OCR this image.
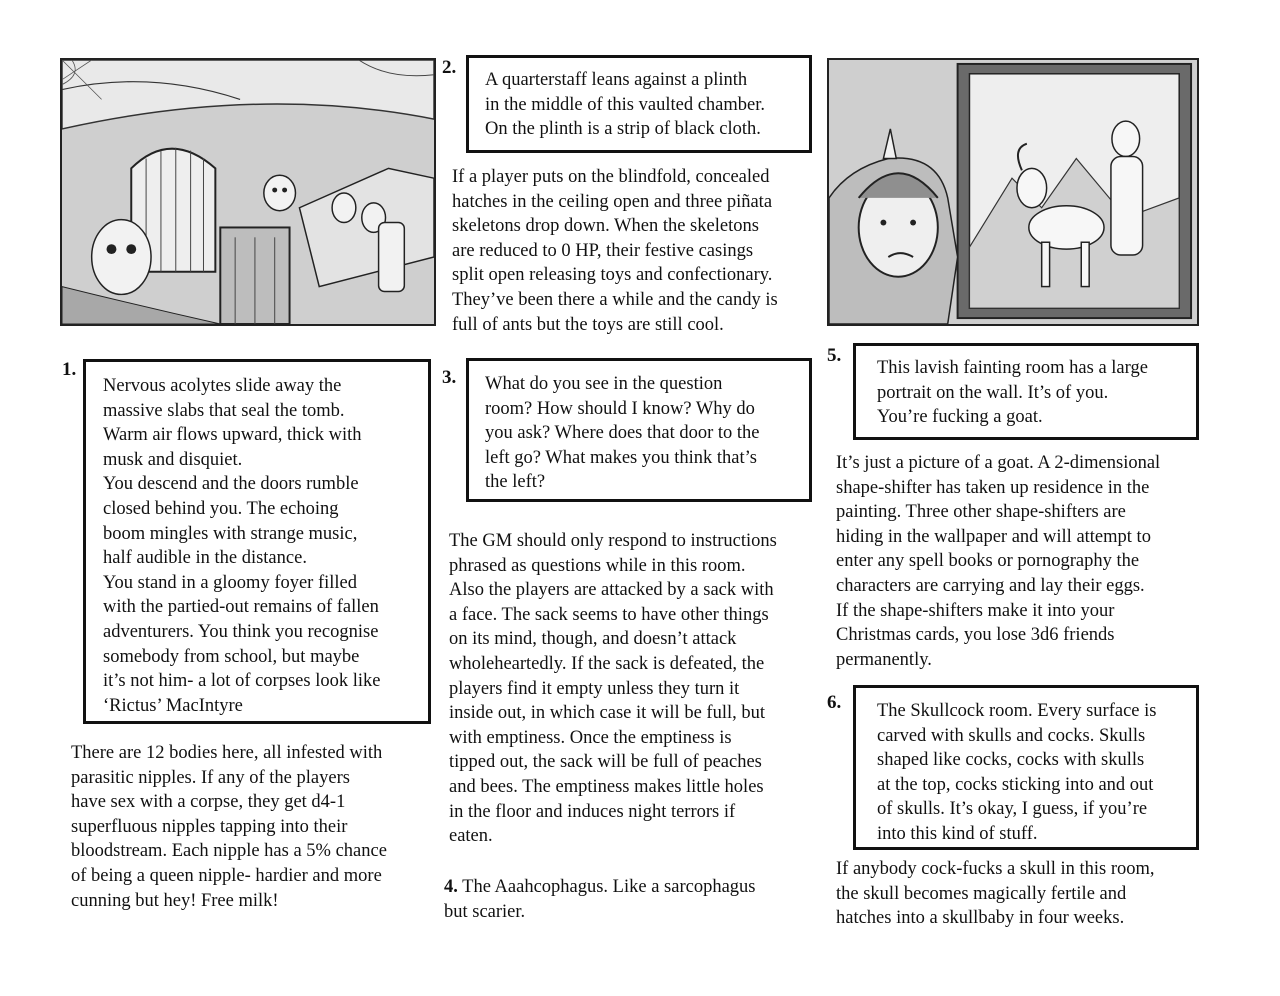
1.
Nervous acolytes slide away the
massive slabs that seal the tomb.
Warm air flows upward, thick with
musk and disquiet.
You descend and the doors rumble
closed behind you. The echoing
boom mingles with strange music,
half audible in the distance.
You stand in a gloomy foyer filled
with the partied-out remains of fallen
adventurers. You think you recognise
somebody from school, but maybe
it’s not him- a lot of corpses look like
‘Rictus’ MacIntyre
There are 12 bodies here, all infested with
parasitic nipples. If any of the players
have sex with a corpse, they get d4-1
superfluous nipples tapping into their
bloodstream. Each nipple has a 5% chance
of being a queen nipple- hardier and more
cunning but hey! Free milk!
2.
A quarterstaff leans against a plinth
in the middle of this vaulted chamber.
On the plinth is a strip of black cloth.
If a player puts on the blindfold, concealed
hatches in the ceiling open and three piñata
skeletons drop down. When the skeletons
are reduced to 0 HP, their festive casings
split open releasing toys and confectionary.
They’ve been there a while and the candy is
full of ants but the toys are still cool.
3. What do you see in the question
room? How should I know? Why do
you ask? Where does that door to the
left go? What makes you think that’s
the left?
The GM should only respond to instructions
phrased as questions while in this room.
Also the players are attacked by a sack with
a face. The sack seems to have other things
on its mind, though, and doesn’t attack
wholeheartedly. If the sack is defeated, the
players find it empty unless they turn it
inside out, in which case it will be full, but
with emptiness. Once the emptiness is
tipped out, the sack will be full of peaches
and bees. The emptiness makes little holes
in the floor and induces night terrors if
eaten.
4. The Aaahcophagus. Like a sarcophagus
but scarier.
5.
This lavish fainting room has a large
portrait on the wall. It’s of you.
You’re fucking a goat.
It’s just a picture of a goat. A 2-dimensional
shape-shifter has taken up residence in the
painting. Three other shape-shifters are
hiding in the wallpaper and will attempt to
enter any spell books or pornography the
characters are carrying and lay their eggs.
If the shape-shifters make it into your
Christmas cards, you lose 3d6 friends
permanently.
6. The Skullcock room. Every surface is
carved with skulls and cocks. Skulls
shaped like cocks, cocks with skulls
at the top, cocks sticking into and out
of skulls. It’s okay, I guess, if you’re
into this kind of stuff.
If anybody cock-fucks a skull in this room,
the skull becomes magically fertile and
hatches into a skullbaby in four weeks.
